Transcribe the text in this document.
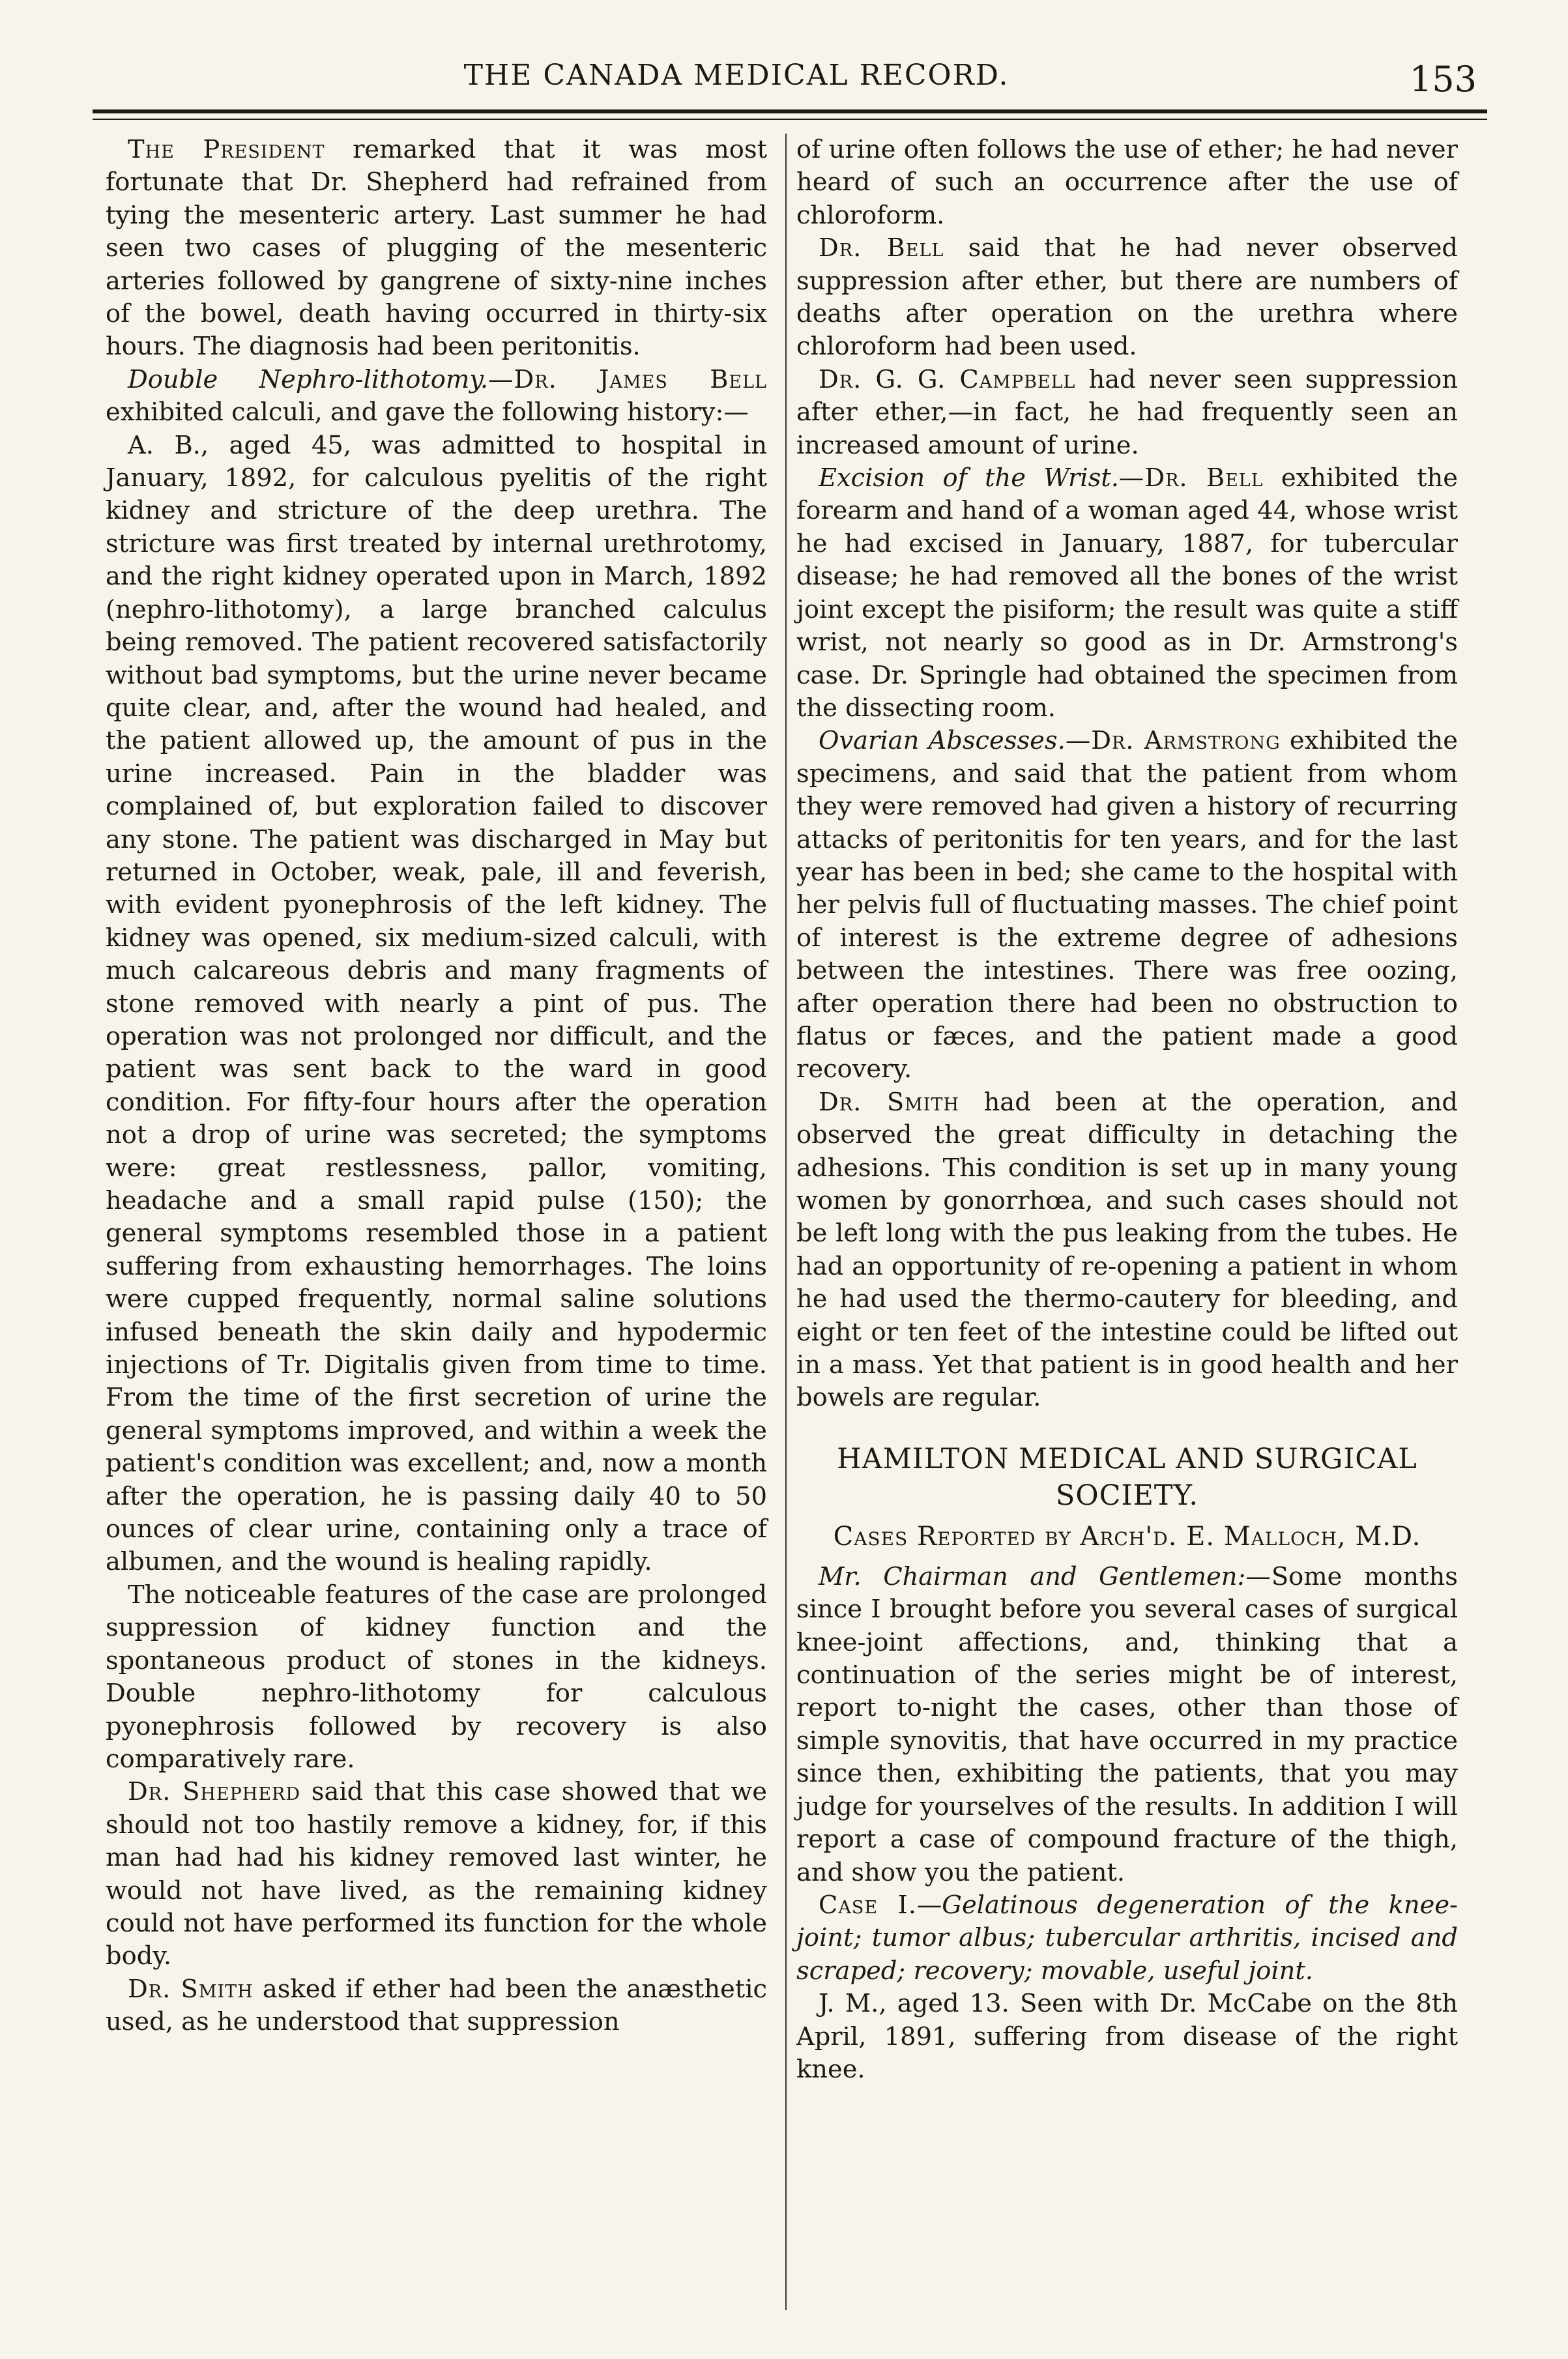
THE CANADA MEDICAL RECORD.	153

The President remarked that it was most fortunate that Dr. Shepherd had refrained from tying the mesenteric artery. Last summer he had seen two cases of plugging of the mesenteric arteries followed by gangrene of sixty-nine inches of the bowel, death having occurred in thirty-six hours. The diagnosis had been peritonitis.

Double Nephro-lithotomy.—Dr. James Bell exhibited calculi, and gave the following history:—

A. B., aged 45, was admitted to hospital in January, 1892, for calculous pyelitis of the right kidney and stricture of the deep urethra. The stricture was first treated by internal urethrotomy, and the right kidney operated upon in March, 1892 (nephro-lithotomy), a large branched calculus being removed. The patient recovered satisfactorily without bad symptoms, but the urine never became quite clear, and, after the wound had healed, and the patient allowed up, the amount of pus in the urine increased. Pain in the bladder was complained of, but exploration failed to discover any stone. The patient was discharged in May but returned in October, weak, pale, ill and feverish, with evident pyonephrosis of the left kidney. The kidney was opened, six medium-sized calculi, with much calcareous debris and many fragments of stone removed with nearly a pint of pus. The operation was not prolonged nor difficult, and the patient was sent back to the ward in good condition. For fifty-four hours after the operation not a drop of urine was secreted; the symptoms were: great restlessness, pallor, vomiting, headache and a small rapid pulse (150); the general symptoms resembled those in a patient suffering from exhausting hemorrhages. The loins were cupped frequently, normal saline solutions infused beneath the skin daily and hypodermic injections of Tr. Digitalis given from time to time. From the time of the first secretion of urine the general symptoms improved, and within a week the patient's condition was excellent; and, now a month after the operation, he is passing daily 40 to 50 ounces of clear urine, containing only a trace of albumen, and the wound is healing rapidly.

The noticeable features of the case are prolonged suppression of kidney function and the spontaneous product of stones in the kidneys. Double nephro-lithotomy for calculous pyonephrosis followed by recovery is also comparatively rare.

Dr. Shepherd said that this case showed that we should not too hastily remove a kidney, for, if this man had had his kidney removed last winter, he would not have lived, as the remaining kidney could not have performed its function for the whole body.

Dr. Smith asked if ether had been the anæsthetic used, as he understood that suppression

of urine often follows the use of ether; he had never heard of such an occurrence after the use of chloroform.

Dr. Bell said that he had never observed suppression after ether, but there are numbers of deaths after operation on the urethra where chloroform had been used.

Dr. G. G. Campbell had never seen suppression after ether,—in fact, he had frequently seen an increased amount of urine.

Excision of the Wrist.—Dr. Bell exhibited the forearm and hand of a woman aged 44, whose wrist he had excised in January, 1887, for tubercular disease; he had removed all the bones of the wrist joint except the pisiform; the result was quite a stiff wrist, not nearly so good as in Dr. Armstrong's case. Dr. Springle had obtained the specimen from the dissecting room.

Ovarian Abscesses.—Dr. Armstrong exhibited the specimens, and said that the patient from whom they were removed had given a history of recurring attacks of peritonitis for ten years, and for the last year has been in bed; she came to the hospital with her pelvis full of fluctuating masses. The chief point of interest is the extreme degree of adhesions between the intestines. There was free oozing, after operation there had been no obstruction to flatus or fæces, and the patient made a good recovery.

Dr. Smith had been at the operation, and observed the great difficulty in detaching the adhesions. This condition is set up in many young women by gonorrhœa, and such cases should not be left long with the pus leaking from the tubes. He had an opportunity of re-opening a patient in whom he had used the thermo-cautery for bleeding, and eight or ten feet of the intestine could be lifted out in a mass. Yet that patient is in good health and her bowels are regular.

HAMILTON MEDICAL AND SURGICAL SOCIETY.
Cases Reported by Arch'd. E. Malloch, M.D.

Mr. Chairman and Gentlemen:—Some months since I brought before you several cases of surgical knee-joint affections, and, thinking that a continuation of the series might be of interest, report to-night the cases, other than those of simple synovitis, that have occurred in my practice since then, exhibiting the patients, that you may judge for yourselves of the results. In addition I will report a case of compound fracture of the thigh, and show you the patient.

Case I.—Gelatinous degeneration of the knee-joint; tumor albus; tubercular arthritis, incised and scraped; recovery; movable, useful joint.

J. M., aged 13. Seen with Dr. McCabe on the 8th April, 1891, suffering from disease of the right knee.
